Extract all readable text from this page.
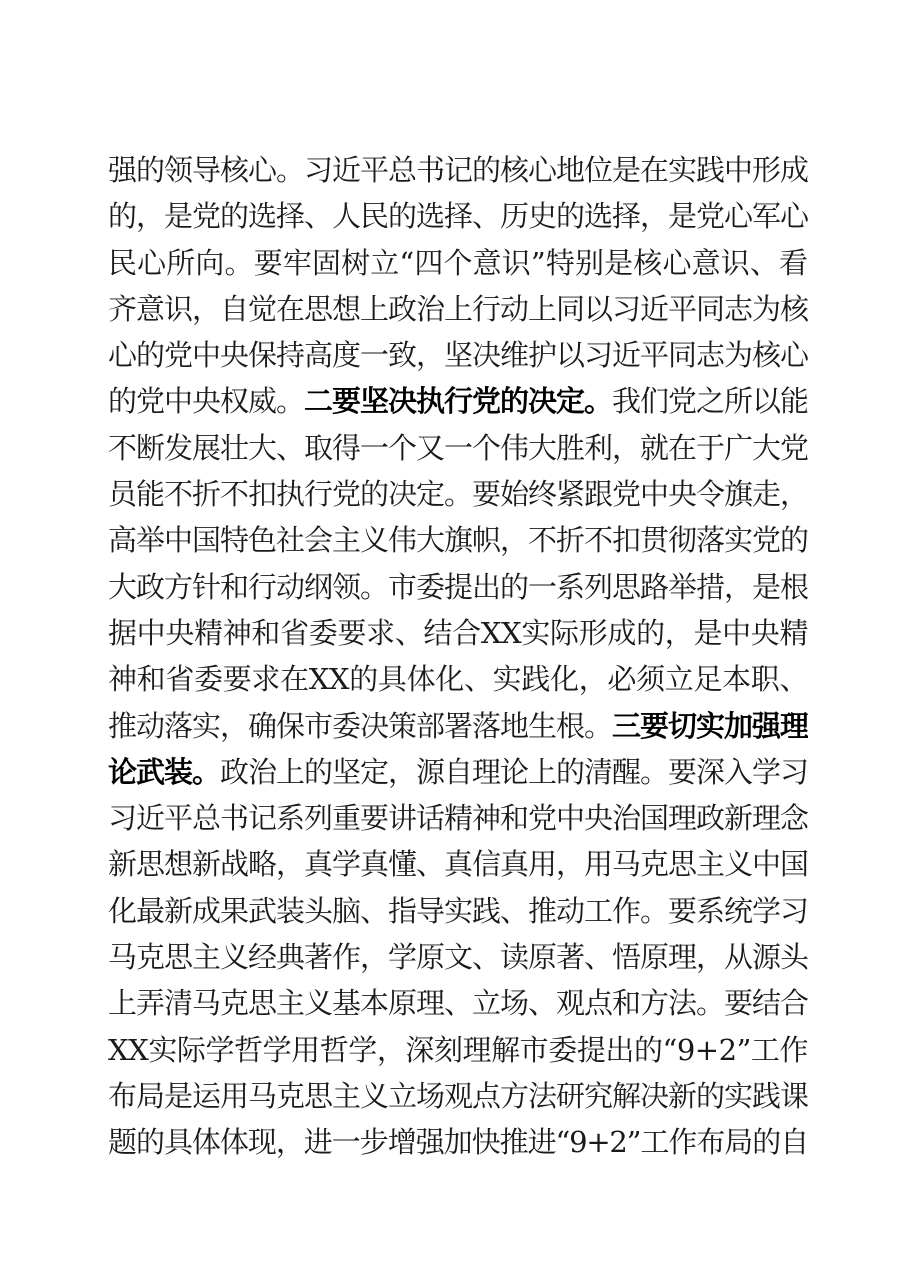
强的领导核心。习近平总书记的核心地位是在实践中形成
的，是党的选择、人民的选择、历史的选择，是党心军心
民心所向。要牢固树立“四个意识”特别是核心意识、看
齐意识，自觉在思想上政治上行动上同以习近平同志为核
心的党中央保持高度一致，坚决维护以习近平同志为核心
的党中央权威。二要坚决执行党的决定。我们党之所以能
不断发展壮大、取得一个又一个伟大胜利，就在于广大党
员能不折不扣执行党的决定。要始终紧跟党中央令旗走，
高举中国特色社会主义伟大旗帜，不折不扣贯彻落实党的
大政方针和行动纲领。市委提出的一系列思路举措，是根
据中央精神和省委要求、结合XX实际形成的，是中央精
神和省委要求在XX的具体化、实践化，必须立足本职、
推动落实，确保市委决策部署落地生根。三要切实加强理
论武装。政治上的坚定，源自理论上的清醒。要深入学习
习近平总书记系列重要讲话精神和党中央治国理政新理念
新思想新战略，真学真懂、真信真用，用马克思主义中国
化最新成果武装头脑、指导实践、推动工作。要系统学习
马克思主义经典著作，学原文、读原著、悟原理，从源头
上弄清马克思主义基本原理、立场、观点和方法。要结合
XX实际学哲学用哲学，深刻理解市委提出的“9+2”工作
布局是运用马克思主义立场观点方法研究解决新的实践课
题的具体体现，进一步增强加快推进“9+2”工作布局的自
